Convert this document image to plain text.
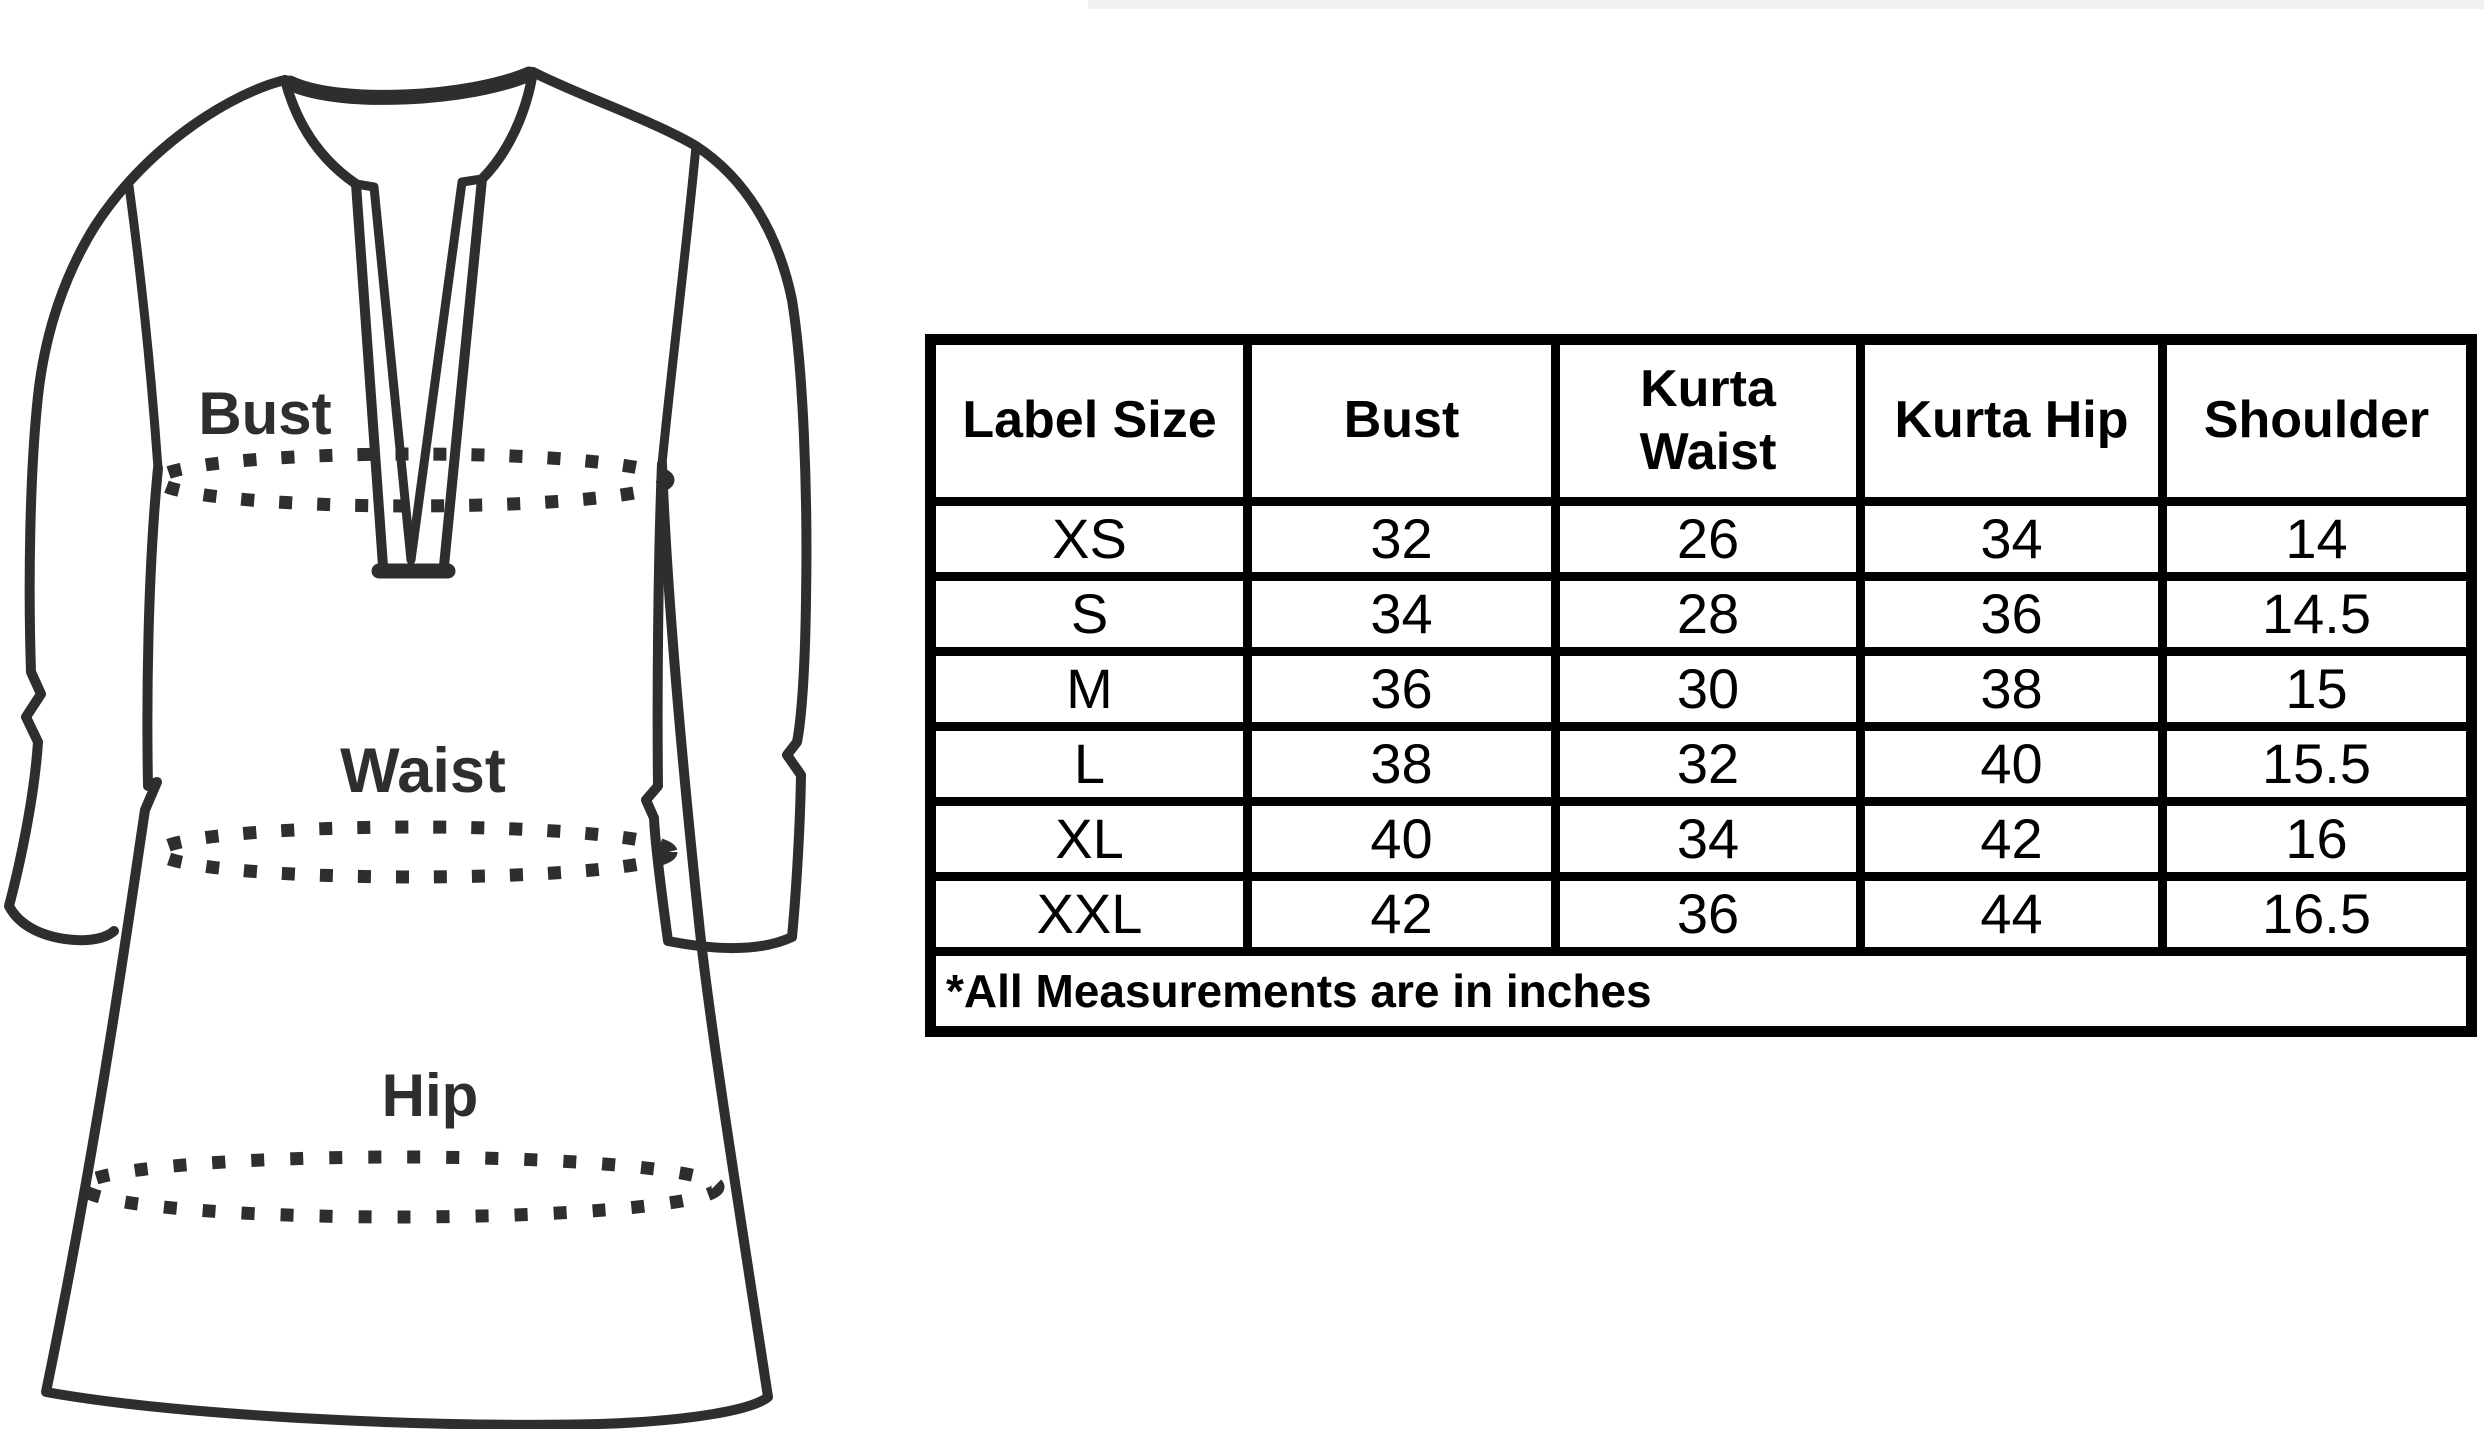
Bust
Waist
Hip
Label Size	Bust	Kurta Waist	Kurta Hip	Shoulder
XS	32	26	34	14
S	34	28	36	14.5
M	36	30	38	15
L	38	32	40	15.5
XL	40	34	42	16
XXL	42	36	44	16.5
*All Measurements are in inches				
